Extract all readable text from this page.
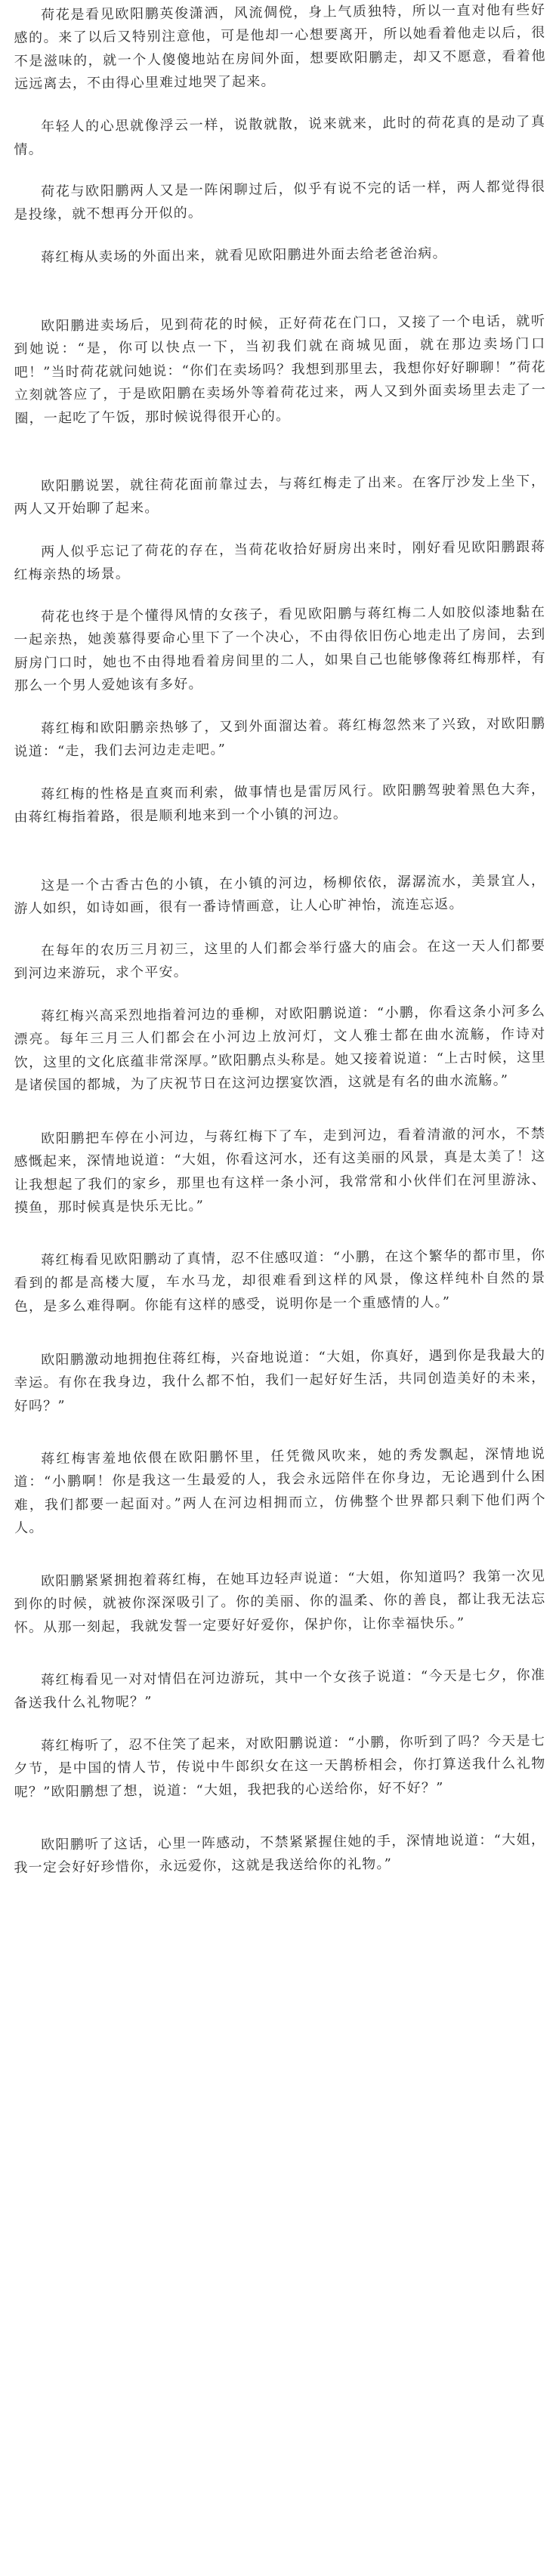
荷花是看见欧阳鹏英俊潇洒，风流倜傥，身上气质独特，所以一直对他有些好感的。来了以后又特别注意他，可是他却一心想要离开，所以她看着他走以后，很不是滋味的，就一个人傻傻地站在房间外面，想要欧阳鹏走，却又不愿意，看着他远远离去，不由得心里难过地哭了起来。

年轻人的心思就像浮云一样，说散就散，说来就来，此时的荷花真的是动了真情。

荷花与欧阳鹏两人又是一阵闲聊过后，似乎有说不完的话一样，两人都觉得很是投缘，就不想再分开似的。

蒋红梅从卖场的外面出来，就看见欧阳鹏进外面去给老爸治病。

欧阳鹏进卖场后，见到荷花的时候，正好荷花在门口，又接了一个电话，就听到她说：“是，你可以快点一下，当初我们就在商城见面，就在那边卖场门口吧！”当时荷花就问她说：“你们在卖场吗？我想到那里去，我想你好好聊聊！”荷花立刻就答应了，于是欧阳鹏在卖场外等着荷花过来，两人又到外面卖场里去走了一圈，一起吃了午饭，那时候说得很开心的。

欧阳鹏说罢，就往荷花面前靠过去，与蒋红梅走了出来。在客厅沙发上坐下，两人又开始聊了起来。

两人似乎忘记了荷花的存在，当荷花收拾好厨房出来时，刚好看见欧阳鹏跟蒋红梅亲热的场景。

荷花也终于是个懂得风情的女孩子，看见欧阳鹏与蒋红梅二人如胶似漆地黏在一起亲热，她羡慕得要命心里下了一个决心，不由得依旧伤心地走出了房间，去到厨房门口时，她也不由得地看着房间里的二人，如果自己也能够像蒋红梅那样，有那么一个男人爱她该有多好。

蒋红梅和欧阳鹏亲热够了，又到外面溜达着。蒋红梅忽然来了兴致，对欧阳鹏说道：“走，我们去河边走走吧。”

蒋红梅的性格是直爽而利索，做事情也是雷厉风行。欧阳鹏驾驶着黑色大奔，由蒋红梅指着路，很是顺利地来到一个小镇的河边。

这是一个古香古色的小镇，在小镇的河边，杨柳依依，潺潺流水，美景宜人，游人如织，如诗如画，很有一番诗情画意，让人心旷神怡，流连忘返。

在每年的农历三月初三，这里的人们都会举行盛大的庙会。在这一天人们都要到河边来游玩，求个平安。

蒋红梅兴高采烈地指着河边的垂柳，对欧阳鹏说道：“小鹏，你看这条小河多么漂亮。每年三月三人们都会在小河边上放河灯，文人雅士都在曲水流觞，作诗对饮，这里的文化底蕴非常深厚。”欧阳鹏点头称是。她又接着说道：“上古时候，这里是诸侯国的都城，为了庆祝节日在这河边摆宴饮酒，这就是有名的曲水流觞。”

欧阳鹏把车停在小河边，与蒋红梅下了车，走到河边，看着清澈的河水，不禁感慨起来，深情地说道：“大姐，你看这河水，还有这美丽的风景，真是太美了！这让我想起了我们的家乡，那里也有这样一条小河，我常常和小伙伴们在河里游泳、摸鱼，那时候真是快乐无比。”

蒋红梅看见欧阳鹏动了真情，忍不住感叹道：“小鹏，在这个繁华的都市里，你看到的都是高楼大厦，车水马龙，却很难看到这样的风景，像这样纯朴自然的景色，是多么难得啊。你能有这样的感受，说明你是一个重感情的人。”

欧阳鹏激动地拥抱住蒋红梅，兴奋地说道：“大姐，你真好，遇到你是我最大的幸运。有你在我身边，我什么都不怕，我们一起好好生活，共同创造美好的未来，好吗？”

蒋红梅害羞地依偎在欧阳鹏怀里，任凭微风吹来，她的秀发飘起，深情地说道：“小鹏啊！你是我这一生最爱的人，我会永远陪伴在你身边，无论遇到什么困难，我们都要一起面对。”两人在河边相拥而立，仿佛整个世界都只剩下他们两个人。

欧阳鹏紧紧拥抱着蒋红梅，在她耳边轻声说道：“大姐，你知道吗？我第一次见到你的时候，就被你深深吸引了。你的美丽、你的温柔、你的善良，都让我无法忘怀。从那一刻起，我就发誓一定要好好爱你，保护你，让你幸福快乐。”

蒋红梅看见一对对情侣在河边游玩，其中一个女孩子说道：“今天是七夕，你准备送我什么礼物呢？”

蒋红梅听了，忍不住笑了起来，对欧阳鹏说道：“小鹏，你听到了吗？今天是七夕节，是中国的情人节，传说中牛郎织女在这一天鹊桥相会，你打算送我什么礼物呢？”欧阳鹏想了想，说道：“大姐，我把我的心送给你，好不好？”

欧阳鹏听了这话，心里一阵感动，不禁紧紧握住她的手，深情地说道：“大姐，我一定会好好珍惜你，永远爱你，这就是我送给你的礼物。”
